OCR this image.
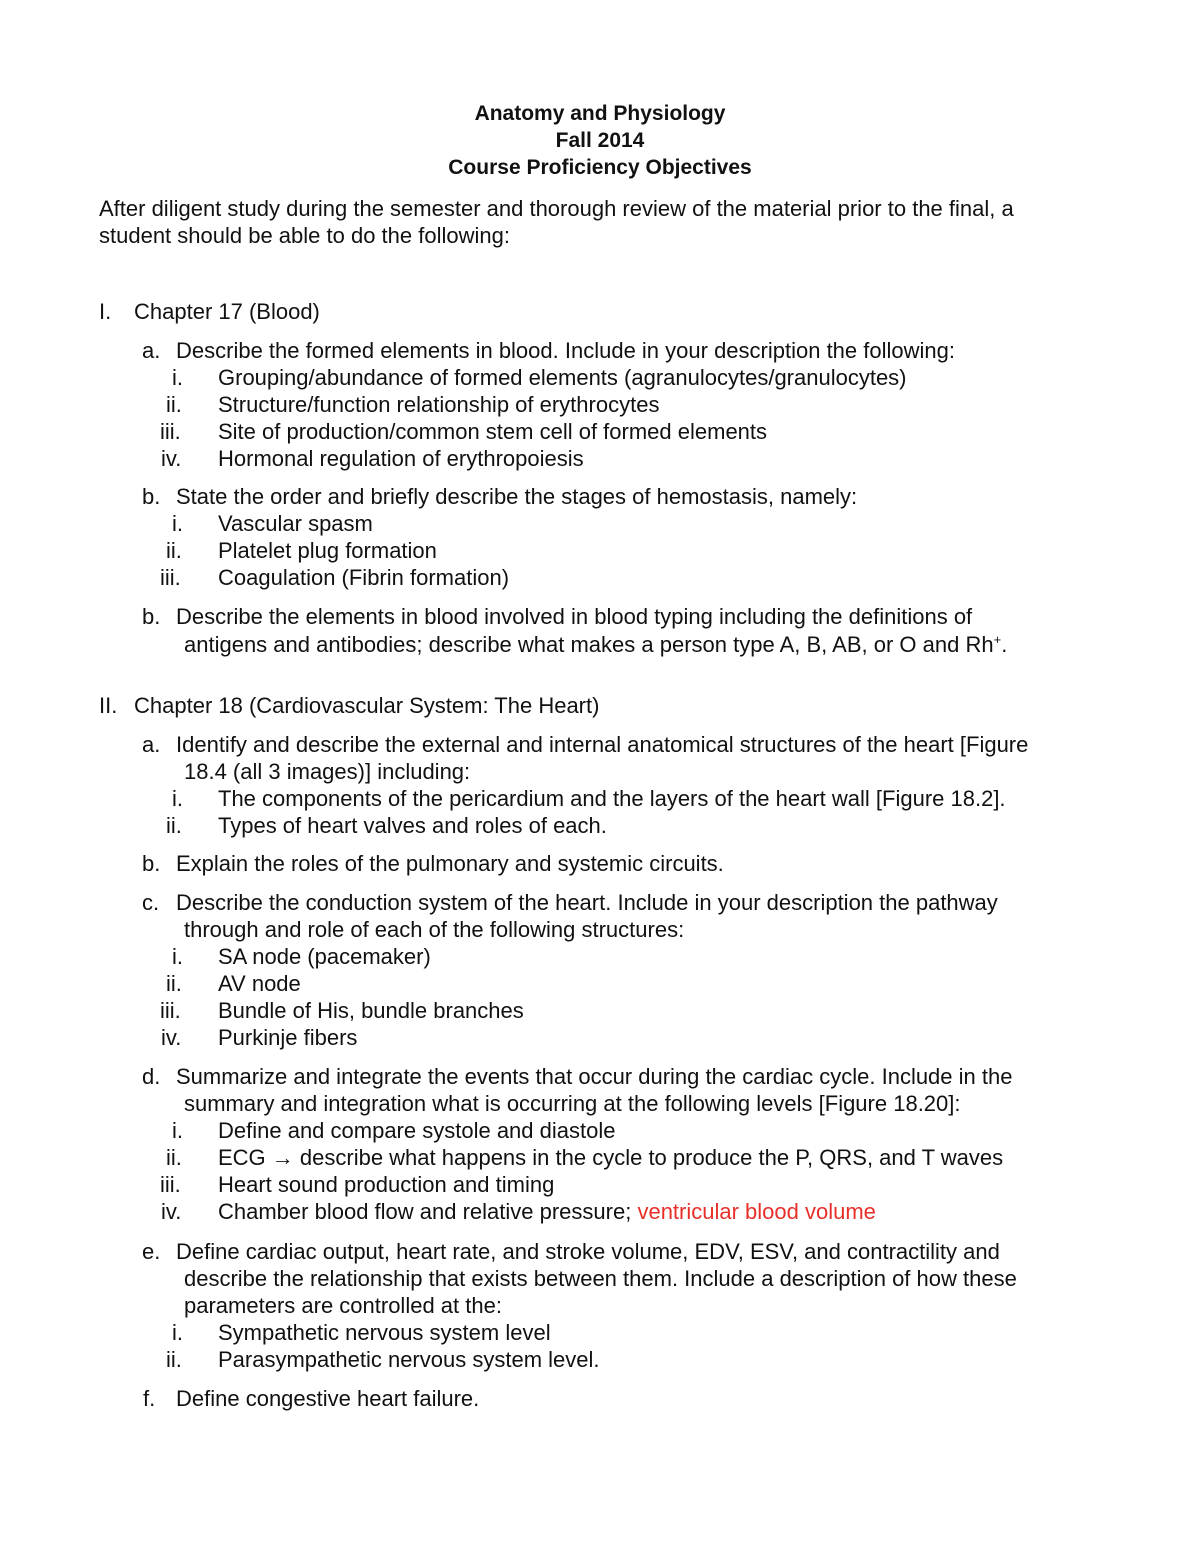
Anatomy and Physiology
Fall 2014
Course Proficiency Objectives
After diligent study during the semester and thorough review of the material prior to the final, a
student should be able to do the following:
I. Chapter 17 (Blood)
a. Describe the formed elements in blood. Include in your description the following:
i. Grouping/abundance of formed elements (agranulocytes/granulocytes)
ii. Structure/function relationship of erythrocytes
iii. Site of production/common stem cell of formed elements
iv. Hormonal regulation of erythropoiesis
b. State the order and briefly describe the stages of hemostasis, namely:
i. Vascular spasm
ii. Platelet plug formation
iii. Coagulation (Fibrin formation)
b. Describe the elements in blood involved in blood typing including the definitions of
antigens and antibodies; describe what makes a person type A, B, AB, or O and Rh+.
II. Chapter 18 (Cardiovascular System: The Heart)
a. Identify and describe the external and internal anatomical structures of the heart [Figure
18.4 (all 3 images)] including:
i. The components of the pericardium and the layers of the heart wall [Figure 18.2].
ii. Types of heart valves and roles of each.
b. Explain the roles of the pulmonary and systemic circuits.
c. Describe the conduction system of the heart. Include in your description the pathway
through and role of each of the following structures:
i. SA node (pacemaker)
ii. AV node
iii. Bundle of His, bundle branches
iv. Purkinje fibers
d. Summarize and integrate the events that occur during the cardiac cycle. Include in the
summary and integration what is occurring at the following levels [Figure 18.20]:
i. Define and compare systole and diastole
ii. ECG → describe what happens in the cycle to produce the P, QRS, and T waves
iii. Heart sound production and timing
iv. Chamber blood flow and relative pressure; ventricular blood volume
e. Define cardiac output, heart rate, and stroke volume, EDV, ESV, and contractility and
describe the relationship that exists between them. Include a description of how these
parameters are controlled at the:
i. Sympathetic nervous system level
ii. Parasympathetic nervous system level.
f. Define congestive heart failure.
